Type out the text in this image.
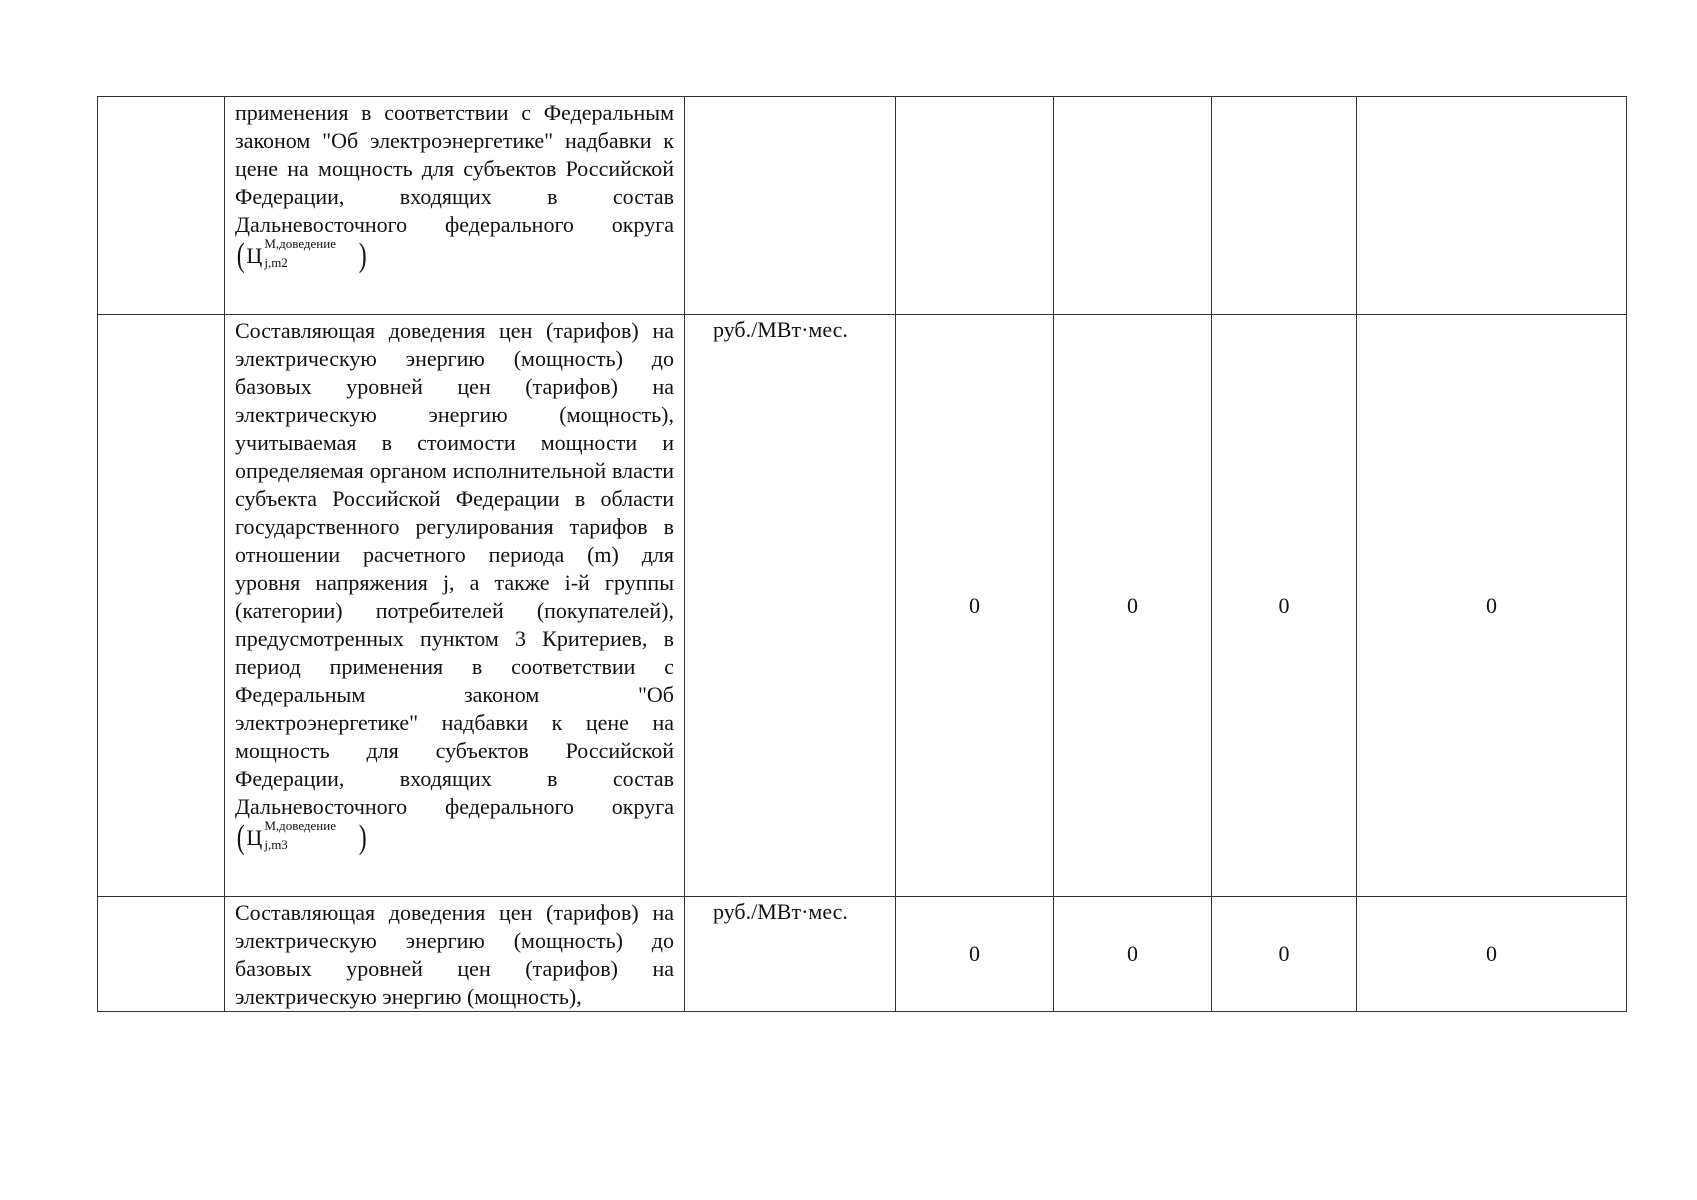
	применения в соответствии с Федеральным законом "Об электроэнергетике" надбавки к цене на мощность для субъектов Российской Федерации, входящих в состав Дальневосточного федерального округа (Ц М,доведение
j,m2 )					
	Составляющая доведения цен (тарифов) на электрическую энергию (мощность) до базовых уровней цен (тарифов) на электрическую энергию (мощность), учитываемая в стоимости мощности и определяемая органом исполнительной власти субъекта Российской Федерации в области государственного регулирования тарифов в отношении расчетного периода (m) для уровня напряжения j, а также i-й группы (категории) потребителей (покупателей), предусмотренных пунктом 3 Критериев, в период применения в соответствии с Федеральным законом "Об электроэнергетике" надбавки к цене на мощность для субъектов Российской Федерации, входящих в состав Дальневосточного федерального округа (Ц М,доведение
j,m3 )	руб./МВт·мес.	0	0	0	0
	Составляющая доведения цен (тарифов) на электрическую энергию (мощность) до базовых уровней цен (тарифов) на электрическую энергию (мощность),	руб./МВт·мес.	0	0	0	0
